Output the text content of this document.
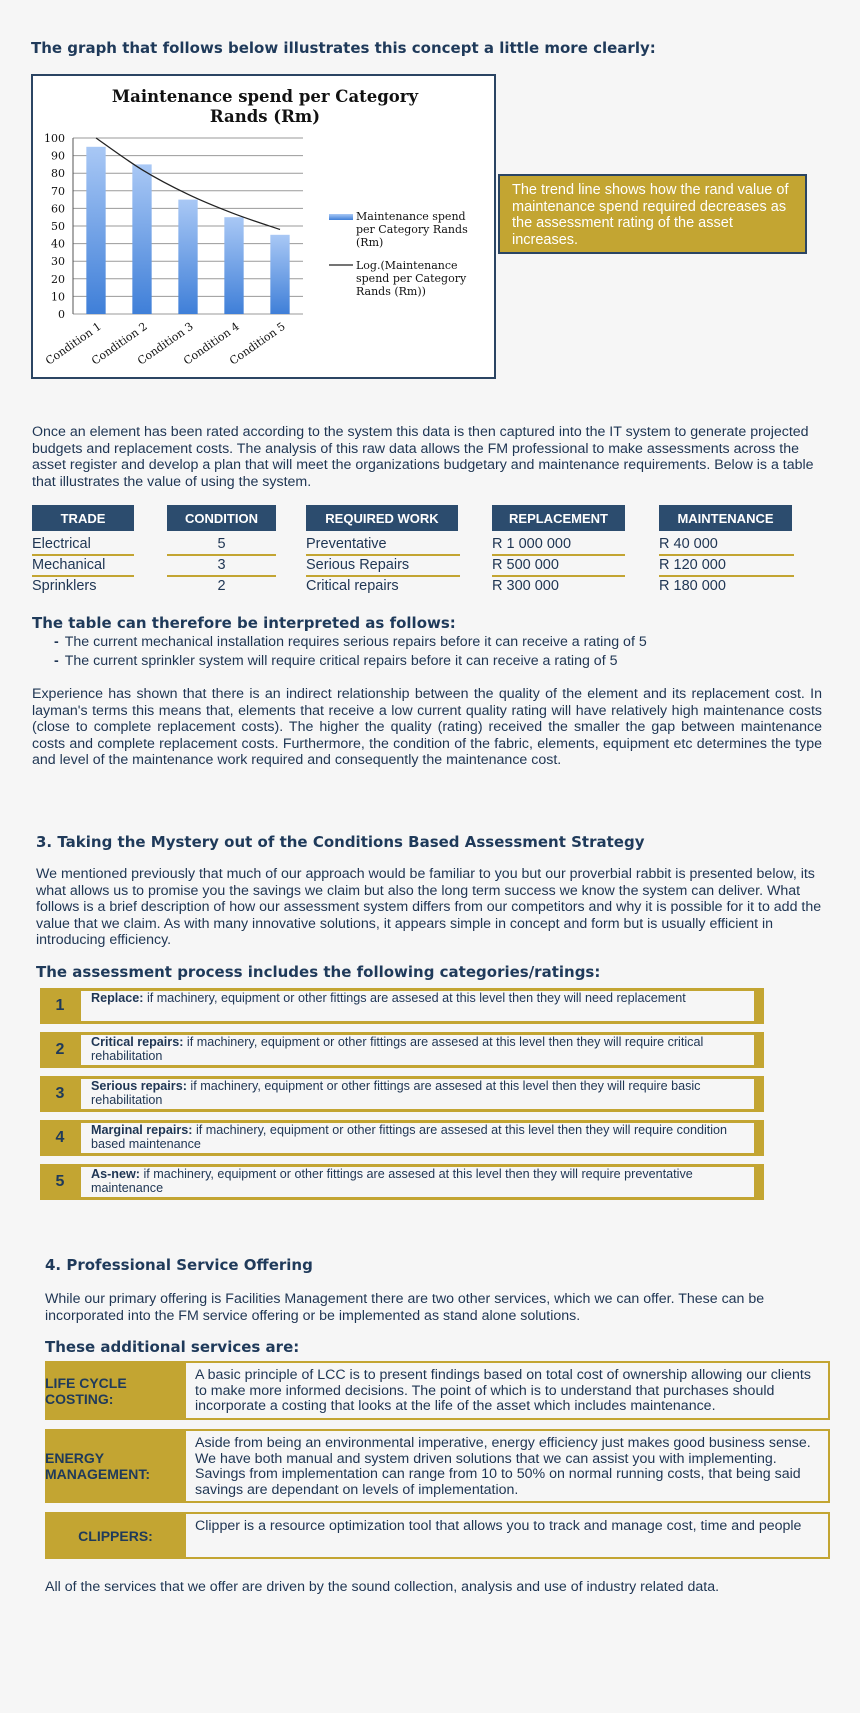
The graph that follows below illustrates this concept a little more clearly:
Maintenance spend per Category Rands (Rm)
0
10
20
30
40
50
60
70
80
90
100
Condition 1
Condition 2
Condition 3
Condition 4
Condition 5
Maintenance spend per Category Rands (Rm)
Log.(Maintenance spend per Category Rands (Rm))
The trend line shows how the rand value of maintenance spend required decreases as the assessment rating of the asset increases.

Once an element has been rated according to the system this data is then captured into the IT system to generate projected budgets and replacement costs. The analysis of this raw data allows the FM professional to make assessments across the asset register and develop a plan that will meet the organizations budgetary and maintenance requirements. Below is a table that illustrates the value of using the system.

TRADE	CONDITION	REQUIRED WORK	REPLACEMENT	MAINTENANCE
Electrical	5	Preventative	R 1 000 000	R 40 000
Mechanical	3	Serious Repairs	R 500 000	R 120 000
Sprinklers	2	Critical repairs	R 300 000	R 180 000
The table can therefore be interpreted as follows:
- The current mechanical installation requires serious repairs before it can receive a rating of 5
- The current sprinkler system will require critical repairs before it can receive a rating of 5

Experience has shown that there is an indirect relationship between the quality of the element and its replacement cost. In layman's terms this means that, elements that receive a low current quality rating will have relatively high maintenance costs (close to complete replacement costs). The higher the quality (rating) received the smaller the gap between maintenance costs and complete replacement costs. Furthermore, the condition of the fabric, elements, equipment etc determines the type and level of the maintenance work required and consequently the maintenance cost.

3. Taking the Mystery out of the Conditions Based Assessment Strategy

We mentioned previously that much of our approach would be familiar to you but our proverbial rabbit is presented below, its what allows us to promise you the savings we claim but also the long term success we know the system can deliver. What follows is a brief description of how our assessment system differs from our competitors and why it is possible for it to add the value that we claim. As with many innovative solutions, it appears simple in concept and form but is usually efficient in introducing efficiency.

The assessment process includes the following categories/ratings:
1	Replace: if machinery, equipment or other fittings are assesed at this level then they will need replacement
2	Critical repairs: if machinery, equipment or other fittings are assesed at this level then they will require critical rehabilitation
3	Serious repairs: if machinery, equipment or other fittings are assesed at this level then they will require basic rehabilitation
4	Marginal repairs: if machinery, equipment or other fittings are assesed at this level then they will require condition based maintenance
5	As-new: if machinery, equipment or other fittings are assesed at this level then they will require preventative maintenance
4. Professional Service Offering

While our primary offering is Facilities Management there are two other services, which we can offer. These can be incorporated into the FM service offering or be implemented as stand alone solutions.

These additional services are:
LIFE CYCLE COSTING:
A basic principle of LCC is to present findings based on total cost of ownership allowing our clients to make more informed decisions. The point of which is to understand that purchases should incorporate a costing that looks at the life of the asset which includes maintenance.
ENERGY MANAGEMENT:
Aside from being an environmental imperative, energy efficiency just makes good business sense. We have both manual and system driven solutions that we can assist you with implementing. Savings from implementation can range from 10 to 50% on normal running costs, that being said savings are dependant on levels of implementation.
CLIPPERS:
Clipper is a resource optimization tool that allows you to track and manage cost, time and people

All of the services that we offer are driven by the sound collection, analysis and use of industry related data.
